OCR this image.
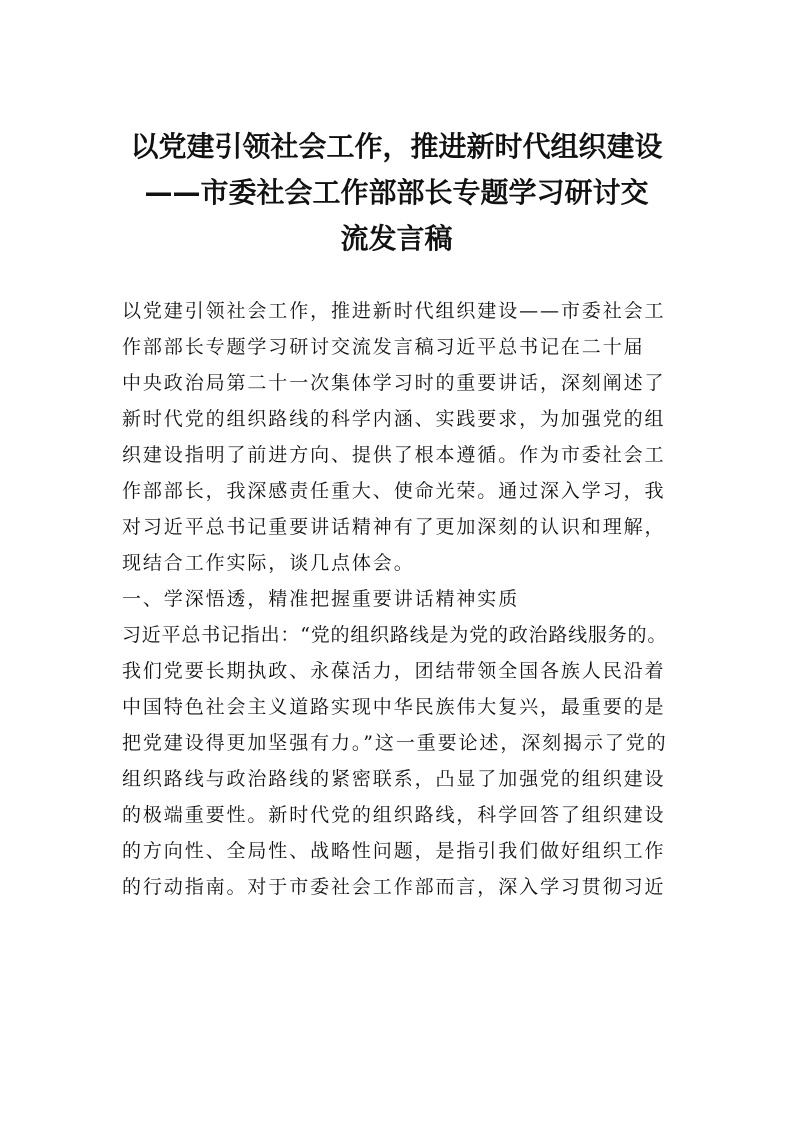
以党建引领社会工作，推进新时代组织建设
——市委社会工作部部长专题学习研讨交
流发言稿
以党建引领社会工作，推进新时代组织建设——市委社会工
作部部长专题学习研讨交流发言稿习近平总书记在二十届
中央政治局第二十一次集体学习时的重要讲话，深刻阐述了
新时代党的组织路线的科学内涵、实践要求，为加强党的组
织建设指明了前进方向、提供了根本遵循。作为市委社会工
作部部长，我深感责任重大、使命光荣。通过深入学习，我
对习近平总书记重要讲话精神有了更加深刻的认识和理解，
现结合工作实际，谈几点体会。
一、学深悟透，精准把握重要讲话精神实质
习近平总书记指出：“党的组织路线是为党的政治路线服务的。
我们党要长期执政、永葆活力，团结带领全国各族人民沿着
中国特色社会主义道路实现中华民族伟大复兴，最重要的是
把党建设得更加坚强有力。”这一重要论述，深刻揭示了党的
组织路线与政治路线的紧密联系，凸显了加强党的组织建设
的极端重要性。新时代党的组织路线，科学回答了组织建设
的方向性、全局性、战略性问题，是指引我们做好组织工作
的行动指南。对于市委社会工作部而言，深入学习贯彻习近
